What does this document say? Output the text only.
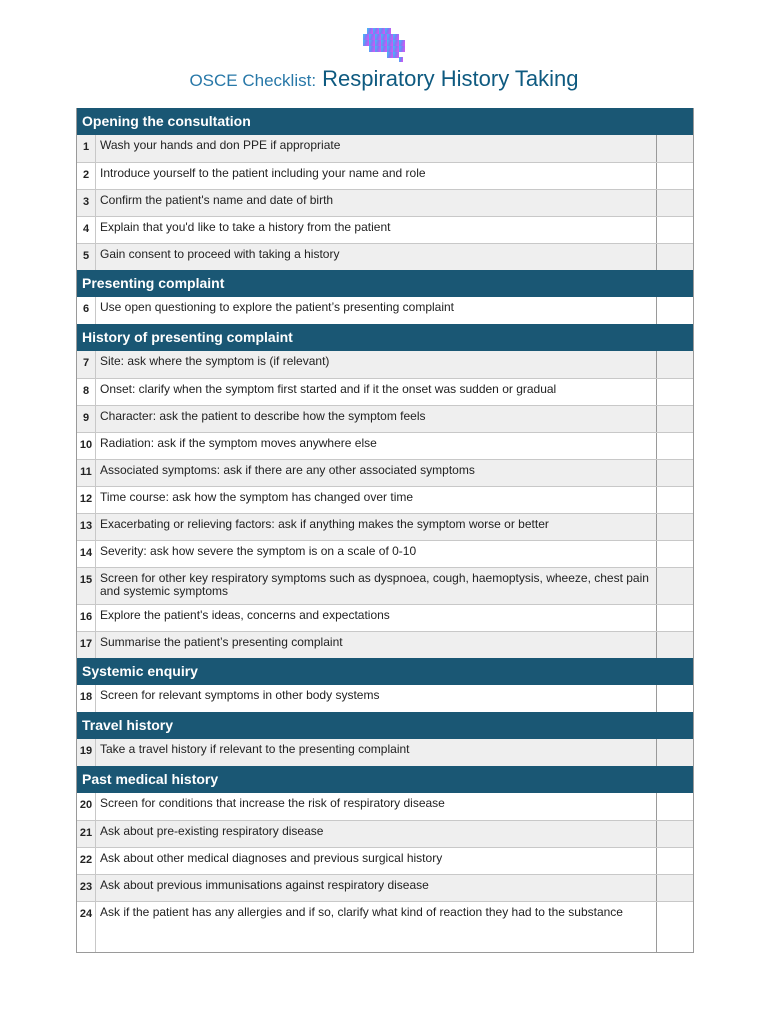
OSCE Checklist: Respiratory History Taking
Opening the consultation
1 Wash your hands and don PPE if appropriate
2 Introduce yourself to the patient including your name and role
3 Confirm the patient's name and date of birth
4 Explain that you'd like to take a history from the patient
5 Gain consent to proceed with taking a history
Presenting complaint
6 Use open questioning to explore the patient’s presenting complaint
History of presenting complaint
7 Site: ask where the symptom is (if relevant)
8 Onset: clarify when the symptom first started and if it the onset was sudden or gradual
9 Character: ask the patient to describe how the symptom feels
10 Radiation: ask if the symptom moves anywhere else
11 Associated symptoms: ask if there are any other associated symptoms
12 Time course: ask how the symptom has changed over time
13 Exacerbating or relieving factors: ask if anything makes the symptom worse or better
14 Severity: ask how severe the symptom is on a scale of 0-10
15 Screen for other key respiratory symptoms such as dyspnoea, cough, haemoptysis, wheeze, chest pain and systemic symptoms
16 Explore the patient's ideas, concerns and expectations
17 Summarise the patient’s presenting complaint
Systemic enquiry
18 Screen for relevant symptoms in other body systems
Travel history
19 Take a travel history if relevant to the presenting complaint
Past medical history
20 Screen for conditions that increase the risk of respiratory disease
21 Ask about pre-existing respiratory disease
22 Ask about other medical diagnoses and previous surgical history
23 Ask about previous immunisations against respiratory disease
24 Ask if the patient has any allergies and if so, clarify what kind of reaction they had to the substance
